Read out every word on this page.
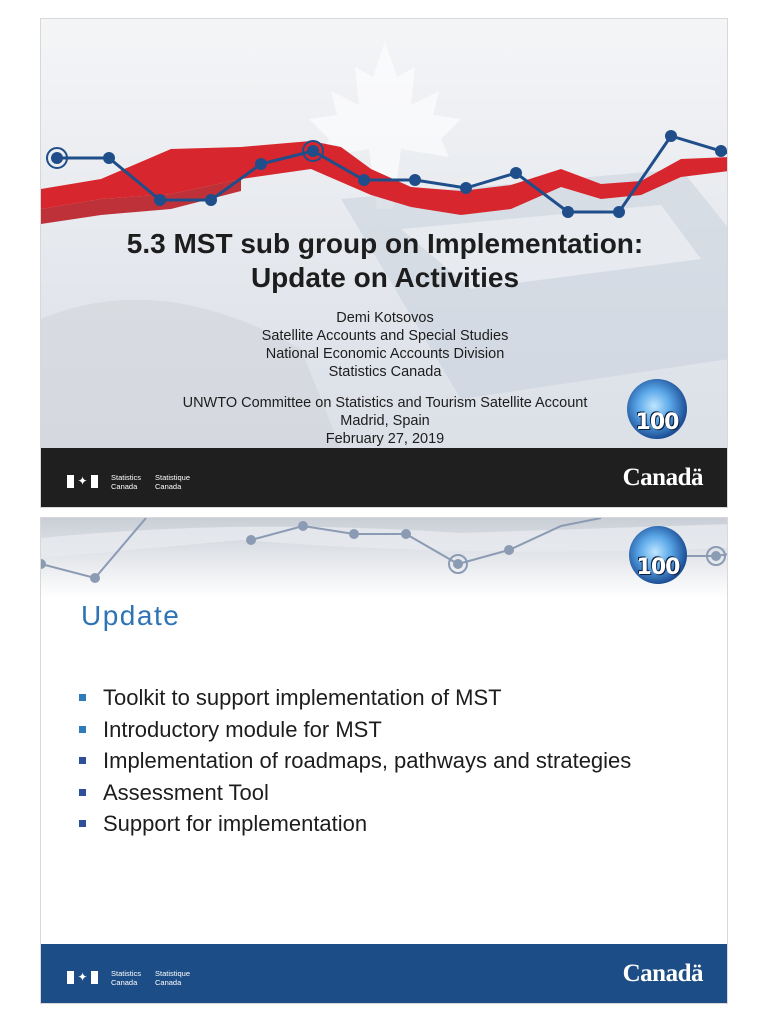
5.3 MST sub group on Implementation:
Update on Activities
Demi Kotsovos
Satellite Accounts and Special Studies
National Economic Accounts Division
Statistics Canada
UNWTO Committee on Statistics and Tourism Satellite Account
Madrid, Spain
February 27, 2019
100
✦	Statistics
Canada
Statistique
Canada	Canadä
100
Update
Toolkit to support implementation of MST
Introductory module for MST
Implementation of roadmaps, pathways and strategies
Assessment Tool
Support for implementation
✦	Statistics
Canada
Statistique
Canada	Canadä
